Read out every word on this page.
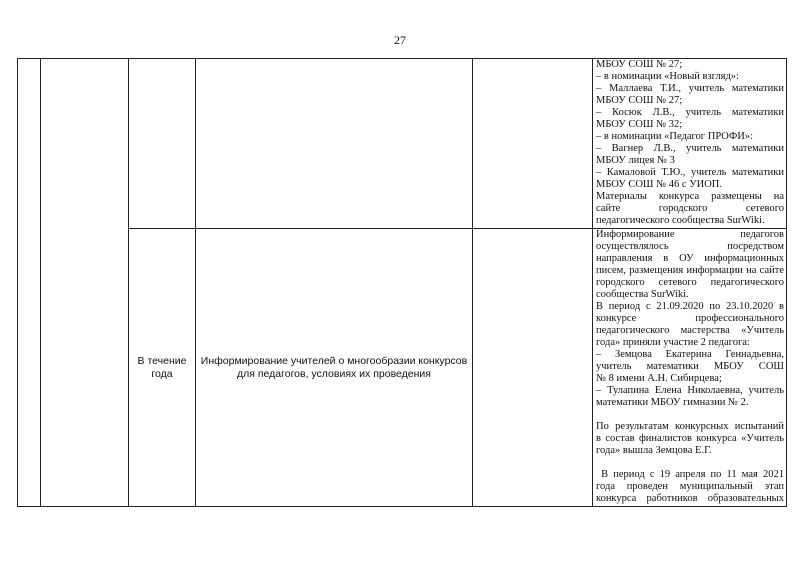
27
МБОУ СОШ № 27;
– в номинации «Новый взгляд»:
– Маллаева Т.И., учитель математики
МБОУ СОШ № 27;
– Косюк Л.В., учитель математики
МБОУ СОШ № 32;
– в номинации «Педагог ПРОФИ»:
– Вагнер Л.В., учитель математики
МБОУ лицея № 3
– Камаловой Т.Ю., учитель математики
МБОУ СОШ № 46 с УИОП.
Материалы конкурса размещены на
сайте городского сетевого
педагогического сообщества SurWiki.
В течение года
Информирование учителей о многообразии конкурсов для педагогов, условиях их проведения
Информирование педагогов
осуществлялось посредством
направления в ОУ информационных
писем, размещения информации на сайте
городского сетевого педагогического
сообщества SurWiki.
В период с 21.09.2020 по 23.10.2020 в
конкурсе профессионального
педагогического мастерства «Учитель
года» приняли участие 2 педагога:
– Земцова Екатерина Геннадьевна,
учитель математики МБОУ СОШ
№ 8 имени А.Н. Сибирцева;
– Тулапина Елена Николаевна, учитель
математики МБОУ гимназии № 2.
По результатам конкурсных испытаний
в состав финалистов конкурса «Учитель
года» вышла Земцова Е.Г.
В период с 19 апреля по 11 мая 2021
года проведен муниципальный этап
конкурса работников образовательных
